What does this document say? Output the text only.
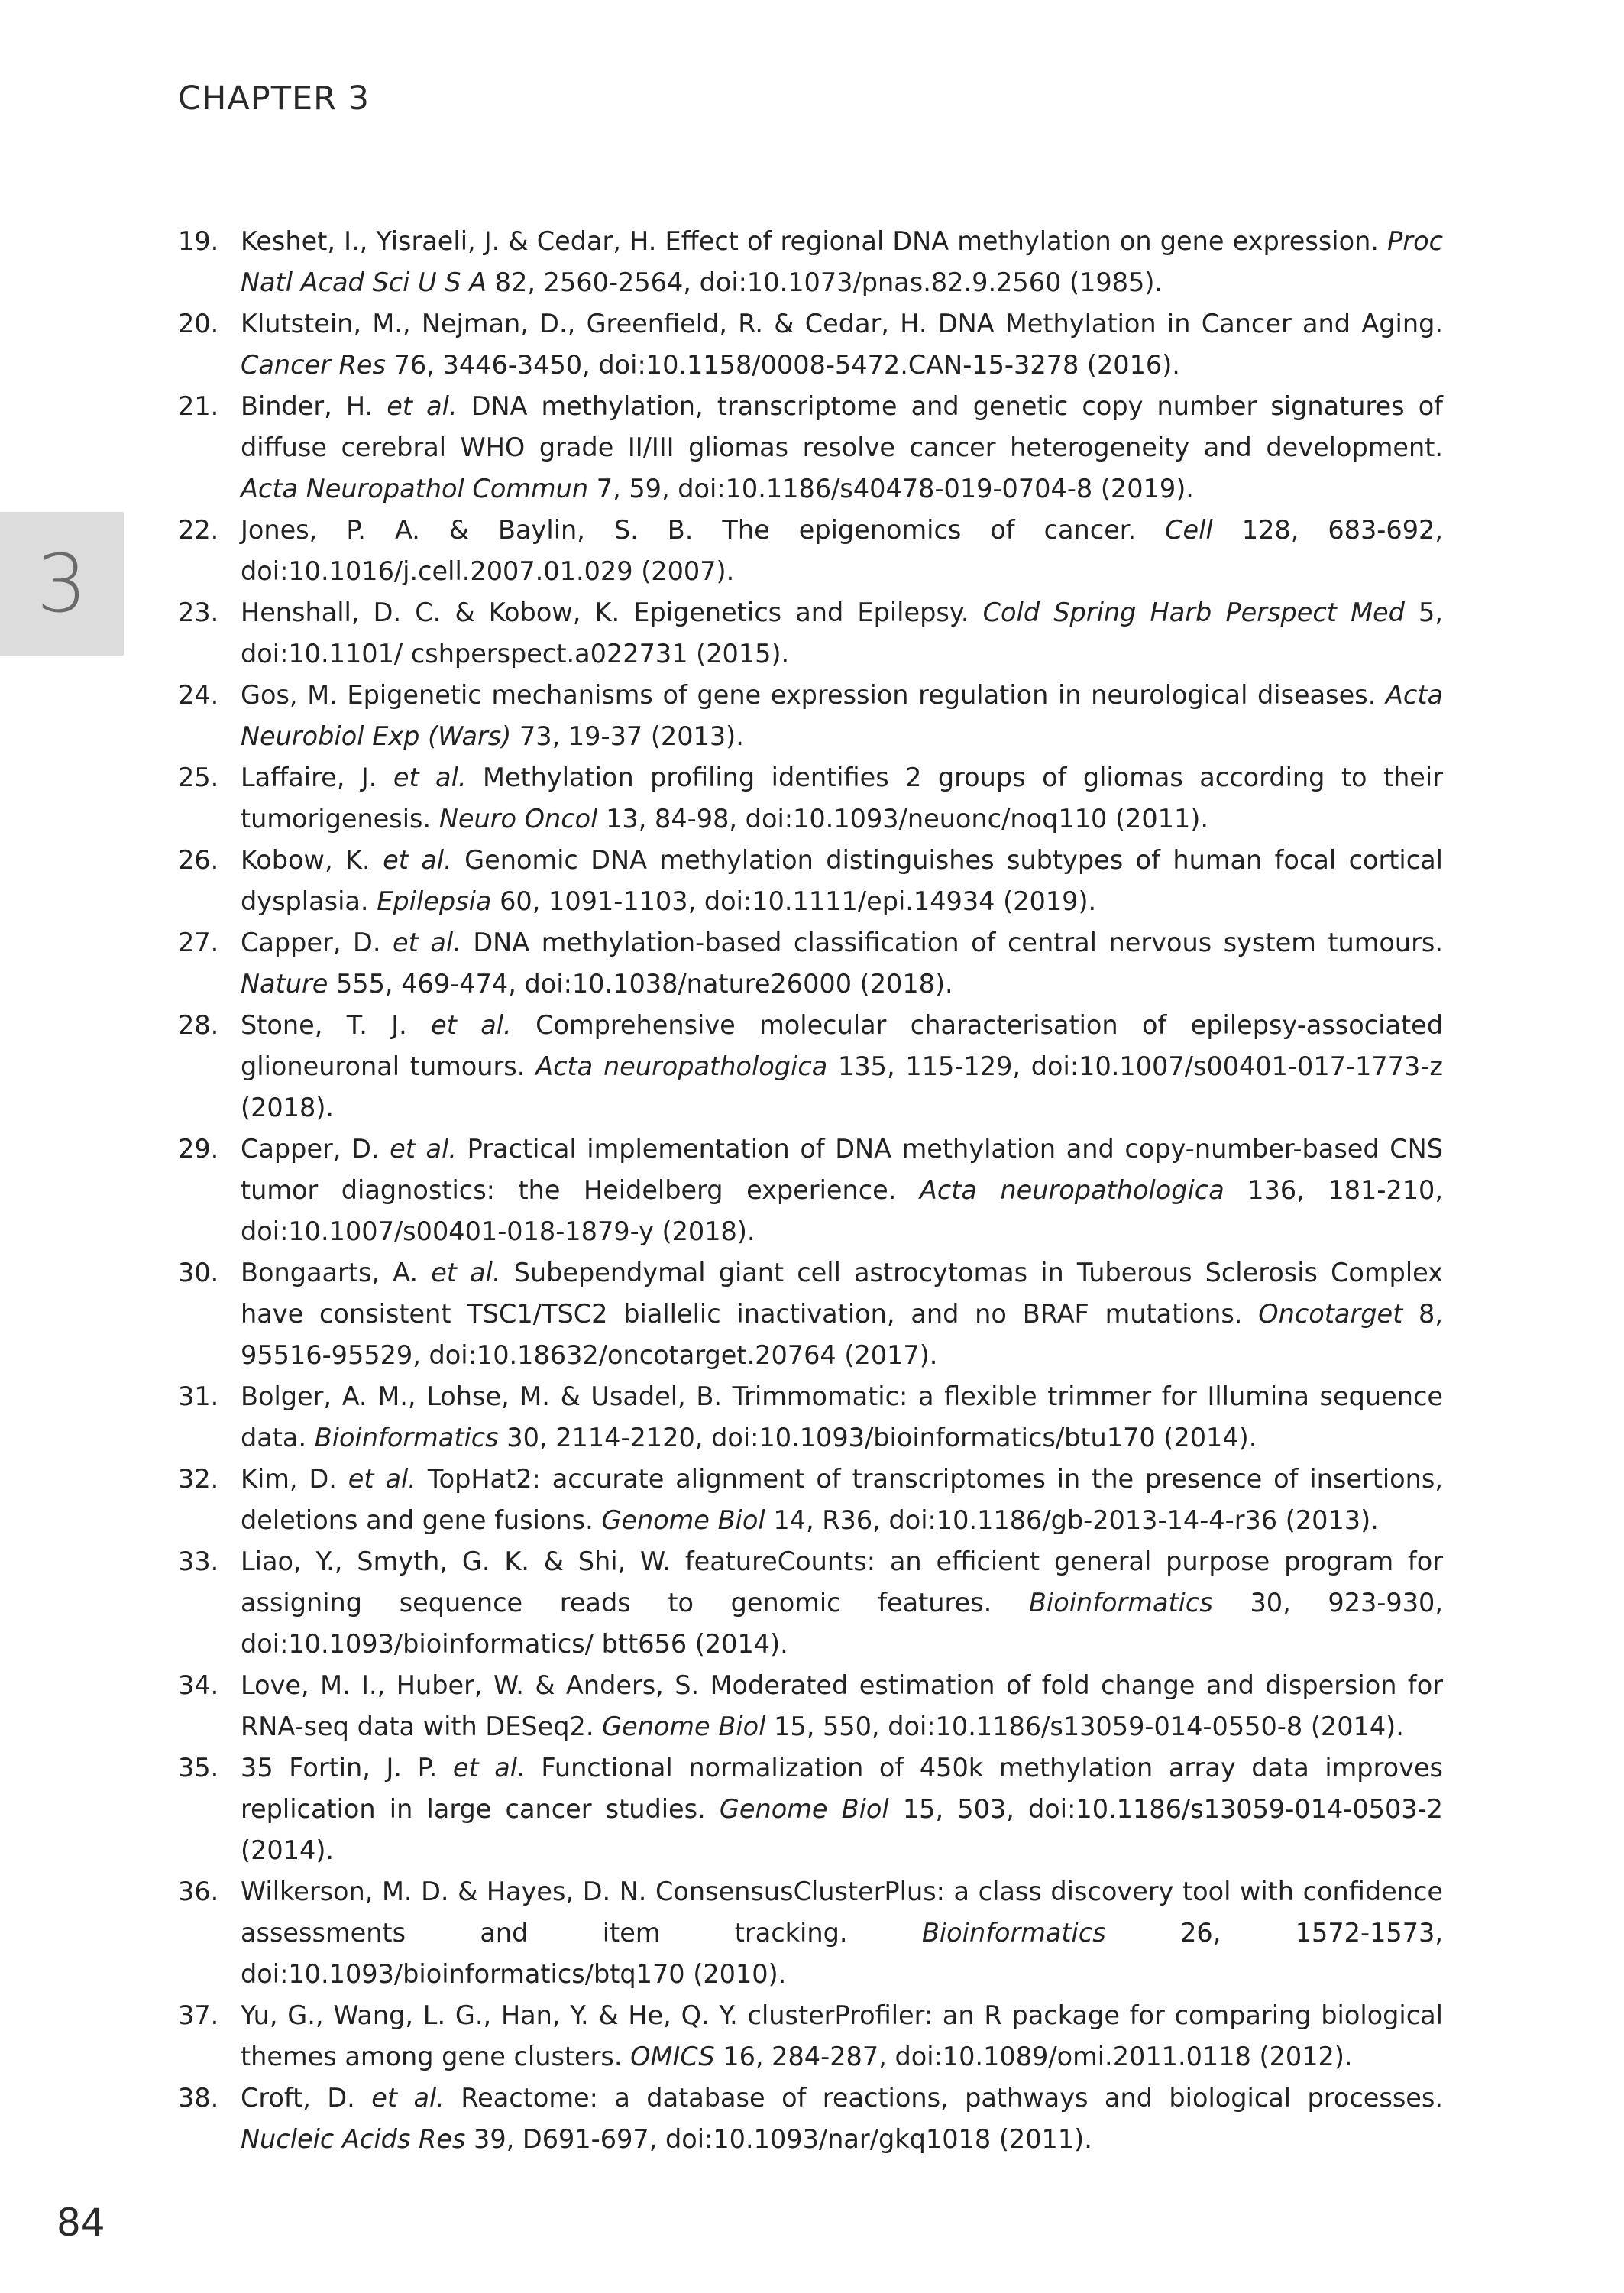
CHAPTER 3
3
19. Keshet, I., Yisraeli, J. & Cedar, H. Effect of regional DNA methylation on gene expression. Proc Natl Acad Sci U S A 82, 2560-2564, doi:10.1073/pnas.82.9.2560 (1985).
20. Klutstein, M., Nejman, D., Greenfield, R. & Cedar, H. DNA Methylation in Cancer and Aging. Cancer Res 76, 3446-3450, doi:10.1158/0008-5472.CAN-15-3278 (2016).
21. Binder, H. et al. DNA methylation, transcriptome and genetic copy number signatures of diffuse cerebral WHO grade II/III gliomas resolve cancer heterogeneity and development. Acta Neuropathol Commun 7, 59, doi:10.1186/s40478-019-0704-8 (2019).
22. Jones, P. A. & Baylin, S. B. The epigenomics of cancer. Cell 128, 683-692, doi:10.1016/j.cell.2007.01.029 (2007).
23. Henshall, D. C. & Kobow, K. Epigenetics and Epilepsy. Cold Spring Harb Perspect Med 5, doi:10.1101/ cshperspect.a022731 (2015).
24. Gos, M. Epigenetic mechanisms of gene expression regulation in neurological diseases. Acta Neurobiol Exp (Wars) 73, 19-37 (2013).
25. Laffaire, J. et al. Methylation profiling identifies 2 groups of gliomas according to their tumorigenesis. Neuro Oncol 13, 84-98, doi:10.1093/neuonc/noq110 (2011).
26. Kobow, K. et al. Genomic DNA methylation distinguishes subtypes of human focal cortical dysplasia. Epilepsia 60, 1091-1103, doi:10.1111/epi.14934 (2019).
27. Capper, D. et al. DNA methylation-based classification of central nervous system tumours. Nature 555, 469-474, doi:10.1038/nature26000 (2018).
28. Stone, T. J. et al. Comprehensive molecular characterisation of epilepsy-associated glioneuronal tumours. Acta neuropathologica 135, 115-129, doi:10.1007/s00401-017-1773-z (2018).
29. Capper, D. et al. Practical implementation of DNA methylation and copy-number-based CNS tumor diagnostics: the Heidelberg experience. Acta neuropathologica 136, 181-210, doi:10.1007/s00401-018-1879-y (2018).
30. Bongaarts, A. et al. Subependymal giant cell astrocytomas in Tuberous Sclerosis Complex have consistent TSC1/TSC2 biallelic inactivation, and no BRAF mutations. Oncotarget 8, 95516-95529, doi:10.18632/oncotarget.20764 (2017).
31. Bolger, A. M., Lohse, M. & Usadel, B. Trimmomatic: a flexible trimmer for Illumina sequence data. Bioinformatics 30, 2114-2120, doi:10.1093/bioinformatics/btu170 (2014).
32. Kim, D. et al. TopHat2: accurate alignment of transcriptomes in the presence of insertions, deletions and gene fusions. Genome Biol 14, R36, doi:10.1186/gb-2013-14-4-r36 (2013).
33. Liao, Y., Smyth, G. K. & Shi, W. featureCounts: an efficient general purpose program for assigning sequence reads to genomic features. Bioinformatics 30, 923-930, doi:10.1093/bioinformatics/ btt656 (2014).
34. Love, M. I., Huber, W. & Anders, S. Moderated estimation of fold change and dispersion for RNA-seq data with DESeq2. Genome Biol 15, 550, doi:10.1186/s13059-014-0550-8 (2014).
35. 35 Fortin, J. P. et al. Functional normalization of 450k methylation array data improves replication in large cancer studies. Genome Biol 15, 503, doi:10.1186/s13059-014-0503-2 (2014).
36. Wilkerson, M. D. & Hayes, D. N. ConsensusClusterPlus: a class discovery tool with confidence assessments and item tracking. Bioinformatics 26, 1572-1573, doi:10.1093/bioinformatics/btq170 (2010).
37. Yu, G., Wang, L. G., Han, Y. & He, Q. Y. clusterProfiler: an R package for comparing biological themes among gene clusters. OMICS 16, 284-287, doi:10.1089/omi.2011.0118 (2012).
38. Croft, D. et al. Reactome: a database of reactions, pathways and biological processes. Nucleic Acids Res 39, D691-697, doi:10.1093/nar/gkq1018 (2011).
84
